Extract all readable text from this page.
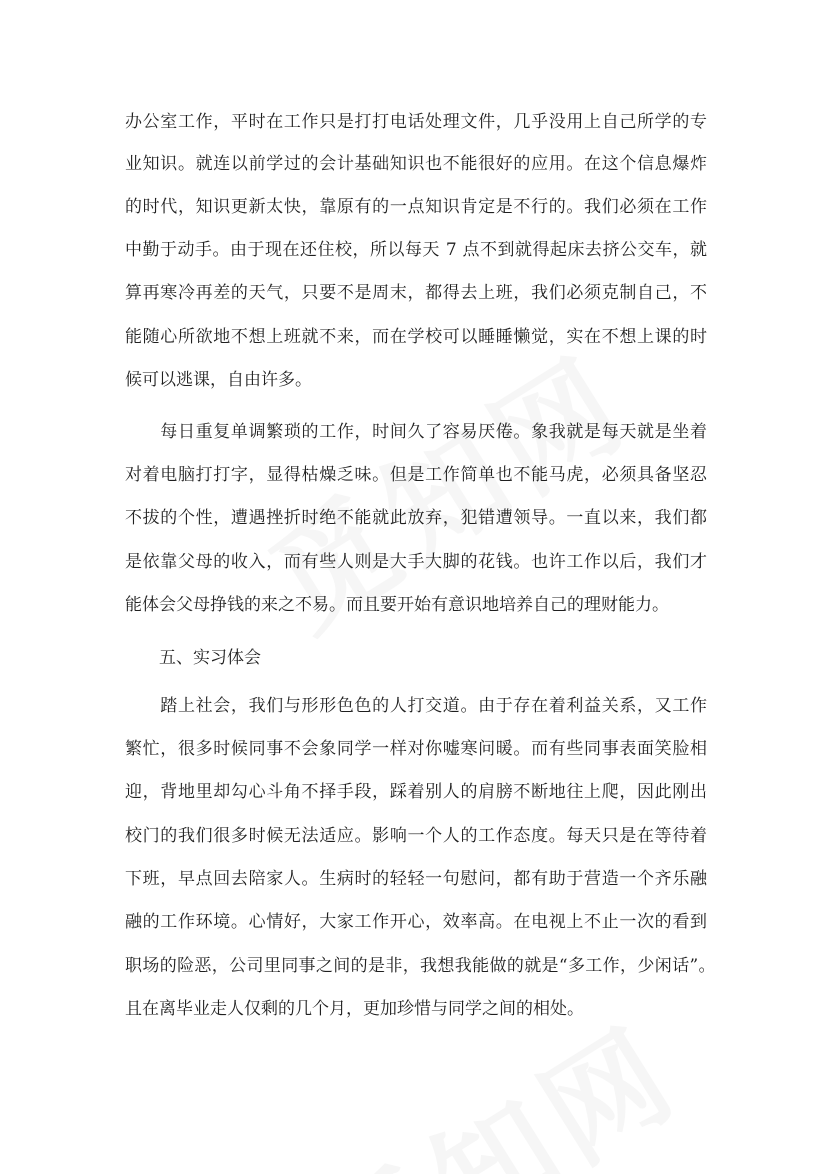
办公室工作，平时在工作只是打打电话处理文件，几乎没用上自己所学的专
业知识。就连以前学过的会计基础知识也不能很好的应用。在这个信息爆炸
的时代，知识更新太快，靠原有的一点知识肯定是不行的。我们必须在工作
中勤于动手。由于现在还住校，所以每天 7 点不到就得起床去挤公交车，就
算再寒冷再差的天气，只要不是周末，都得去上班，我们必须克制自己，不
能随心所欲地不想上班就不来，而在学校可以睡睡懒觉，实在不想上课的时
候可以逃课，自由许多。
　　每日重复单调繁琐的工作，时间久了容易厌倦。象我就是每天就是坐着
对着电脑打打字，显得枯燥乏味。但是工作简单也不能马虎，必须具备坚忍
不拔的个性，遭遇挫折时绝不能就此放弃，犯错遭领导。一直以来，我们都
是依靠父母的收入，而有些人则是大手大脚的花钱。也许工作以后，我们才
能体会父母挣钱的来之不易。而且要开始有意识地培养自己的理财能力。
　　五、实习体会
　　踏上社会，我们与形形色色的人打交道。由于存在着利益关系，又工作
繁忙，很多时候同事不会象同学一样对你嘘寒问暖。而有些同事表面笑脸相
迎，背地里却勾心斗角不择手段，踩着别人的肩膀不断地往上爬，因此刚出
校门的我们很多时候无法适应。影响一个人的工作态度。每天只是在等待着
下班，早点回去陪家人。生病时的轻轻一句慰问，都有助于营造一个齐乐融
融的工作环境。心情好，大家工作开心，效率高。在电视上不止一次的看到
职场的险恶，公司里同事之间的是非，我想我能做的就是“多工作，少闲话”。
且在离毕业走人仅剩的几个月，更加珍惜与同学之间的相处。
